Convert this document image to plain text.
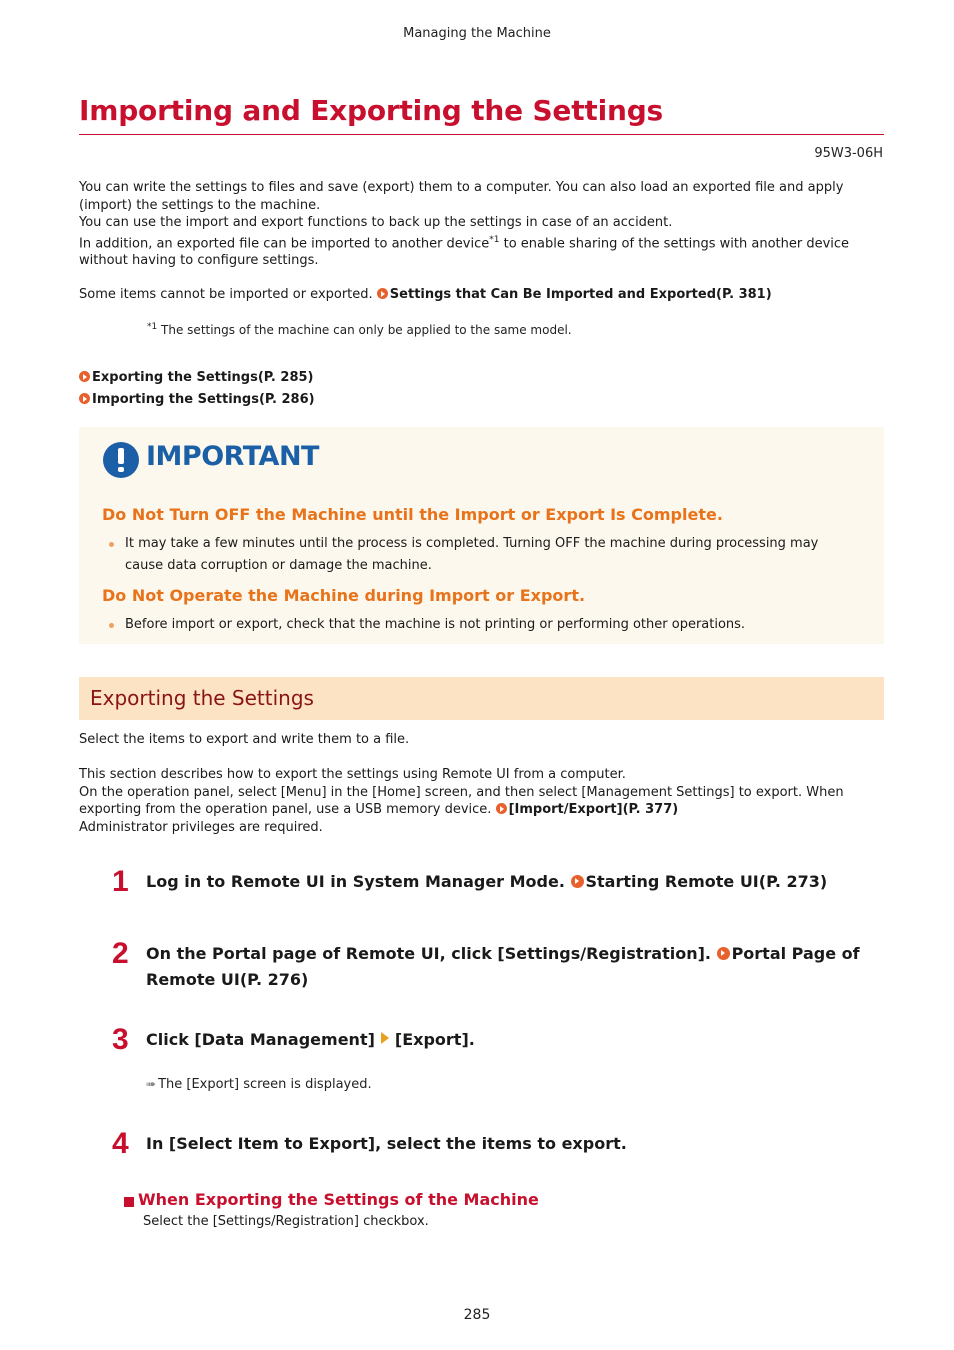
Managing the Machine
Importing and Exporting the Settings
95W3-06H
You can write the settings to files and save (export) them to a computer. You can also load an exported file and apply
(import) the settings to the machine.
You can use the import and export functions to back up the settings in case of an accident.
In addition, an exported file can be imported to another device$^{*1}$ to enable sharing of the settings with another device
without having to configure settings.
Some items cannot be imported or exported. Settings that Can Be Imported and Exported(P. 381)
$^{*1}$ The settings of the machine can only be applied to the same model.
Exporting the Settings(P. 285)
Importing the Settings(P. 286)
IMPORTANT
Do Not Turn OFF the Machine until the Import or Export Is Complete.
It may take a few minutes until the process is completed. Turning OFF the machine during processing may
cause data corruption or damage the machine.
Do Not Operate the Machine during Import or Export.
Before import or export, check that the machine is not printing or performing other operations.
Exporting the Settings
Select the items to export and write them to a file.
This section describes how to export the settings using Remote UI from a computer.
On the operation panel, select [Menu] in the [Home] screen, and then select [Management Settings] to export. When
exporting from the operation panel, use a USB memory device. [Import/Export](P. 377)
Administrator privileges are required.
1 Log in to Remote UI in System Manager Mode. Starting Remote UI(P. 273)
2 On the Portal page of Remote UI, click [Settings/Registration]. Portal Page of
Remote UI(P. 276)
3 Click [Data Management] [Export].
➠ The [Export] screen is displayed.
4 In [Select Item to Export], select the items to export.
When Exporting the Settings of the Machine
Select the [Settings/Registration] checkbox.
285
